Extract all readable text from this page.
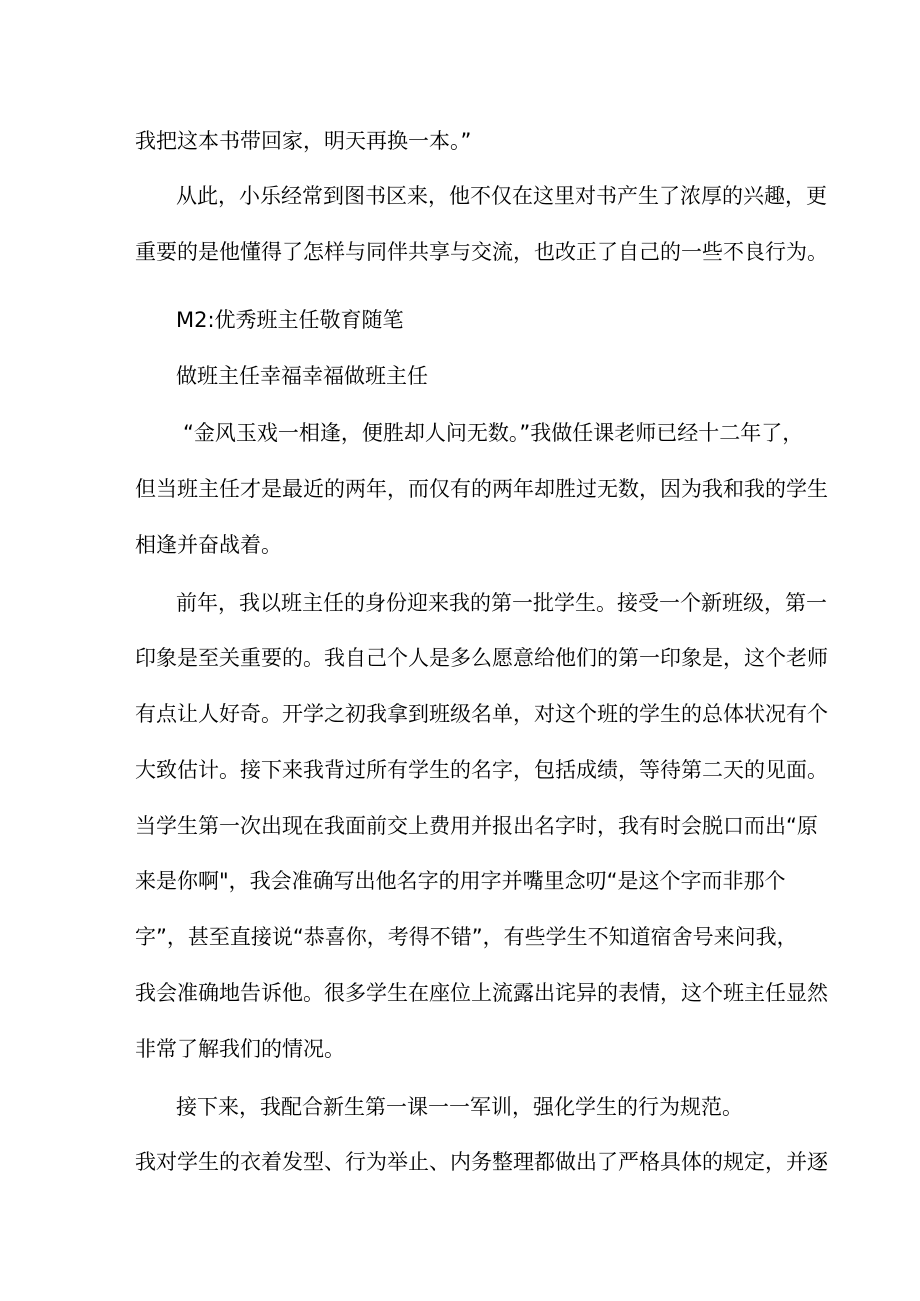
我把这本书带回家，明天再换一本。”
从此，小乐经常到图书区来，他不仅在这里对书产生了浓厚的兴趣，更
重要的是他懂得了怎样与同伴共享与交流，也改正了自己的一些不良行为。
M2:优秀班主任敬育随笔
做班主任幸福幸福做班主任
“金风玉戏一相逢，便胜却人问无数。”我做任课老师已经十二年了，
但当班主任才是最近的两年，而仅有的两年却胜过无数，因为我和我的学生
相逢并奋战着。
前年，我以班主任的身份迎来我的第一批学生。接受一个新班级，第一
印象是至关重要的。我自己个人是多么愿意给他们的第一印象是，这个老师
有点让人好奇。开学之初我拿到班级名单，对这个班的学生的总体状况有个
大致估计。接下来我背过所有学生的名字，包括成绩，等待第二天的见面。
当学生第一次出现在我面前交上费用并报出名字时，我有时会脱口而出“原
来是你啊"，我会准确写出他名字的用字并嘴里念叨“是这个字而非那个
字”，甚至直接说“恭喜你，考得不错”，有些学生不知道宿舍号来问我，
我会准确地告诉他。很多学生在座位上流露出诧异的表情，这个班主任显然
非常了解我们的情况。
接下来，我配合新生第一课一一军训，强化学生的行为规范。
我对学生的衣着发型、行为举止、内务整理都做出了严格具体的规定，并逐
